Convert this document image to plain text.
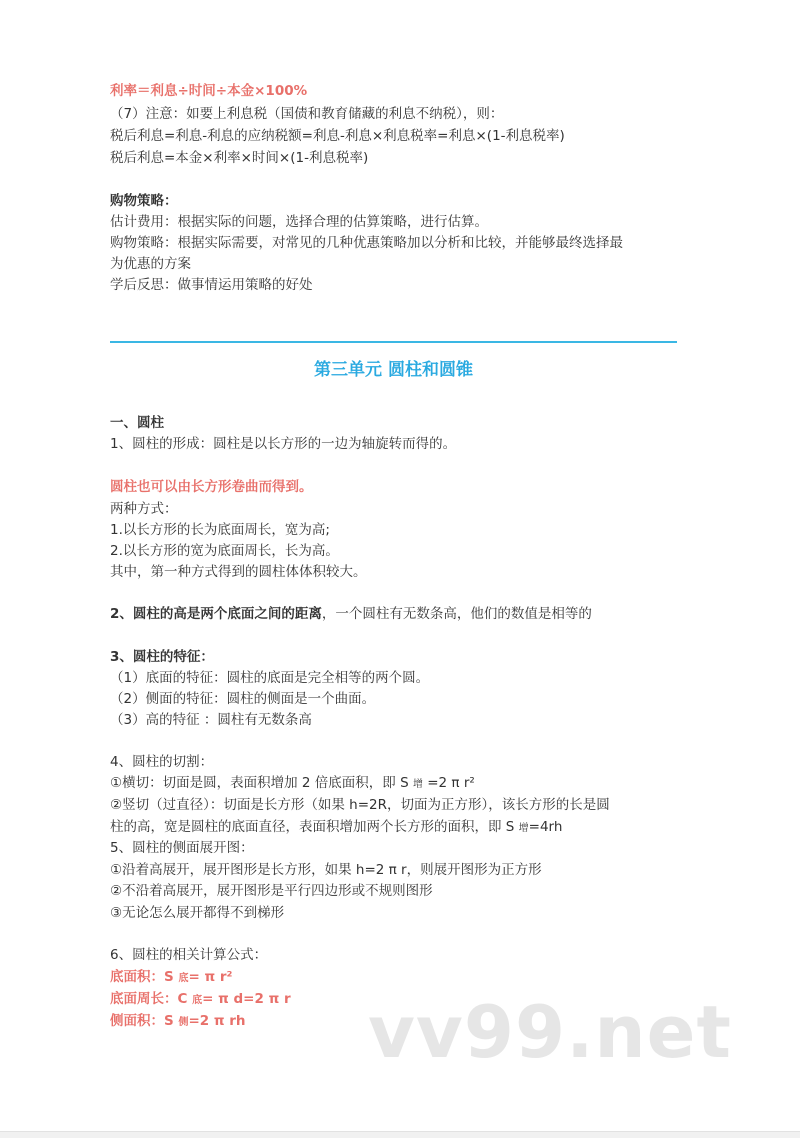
利率＝利息÷时间÷本金×100%
（7）注意：如要上利息税（国债和教育储藏的利息不纳税），则：
税后利息=利息-利息的应纳税额=利息-利息×利息税率=利息×(1-利息税率)
税后利息=本金×利率×时间×(1-利息税率)
购物策略：
估计费用：根据实际的问题，选择合理的估算策略，进行估算。
购物策略：根据实际需要，对常见的几种优惠策略加以分析和比较，并能够最终选择最
为优惠的方案
学后反思：做事情运用策略的好处
第三单元 圆柱和圆锥
一、圆柱
1、圆柱的形成：圆柱是以长方形的一边为轴旋转而得的。
圆柱也可以由长方形卷曲而得到。
两种方式：
1.以长方形的长为底面周长，宽为高;
2.以长方形的宽为底面周长，长为高。
其中，第一种方式得到的圆柱体体积较大。
2、圆柱的高是两个底面之间的距离，一个圆柱有无数条高，他们的数值是相等的
3、圆柱的特征：
（1）底面的特征：圆柱的底面是完全相等的两个圆。
（2）侧面的特征：圆柱的侧面是一个曲面。
（3）高的特征 ：圆柱有无数条高
4、圆柱的切割：
①横切：切面是圆，表面积增加 2 倍底面积，即 S 增 =2 π r²
②竖切（过直径）：切面是长方形（如果 h=2R，切面为正方形），该长方形的长是圆
柱的高，宽是圆柱的底面直径，表面积增加两个长方形的面积，即 S 增=4rh
5、圆柱的侧面展开图：
①沿着高展开，展开图形是长方形，如果 h=2 π r，则展开图形为正方形
②不沿着高展开，展开图形是平行四边形或不规则图形
③无论怎么展开都得不到梯形
6、圆柱的相关计算公式：
底面积：S 底= π r²
底面周长：C 底= π d=2 π r
侧面积：S 侧=2 π rh vv99.net
